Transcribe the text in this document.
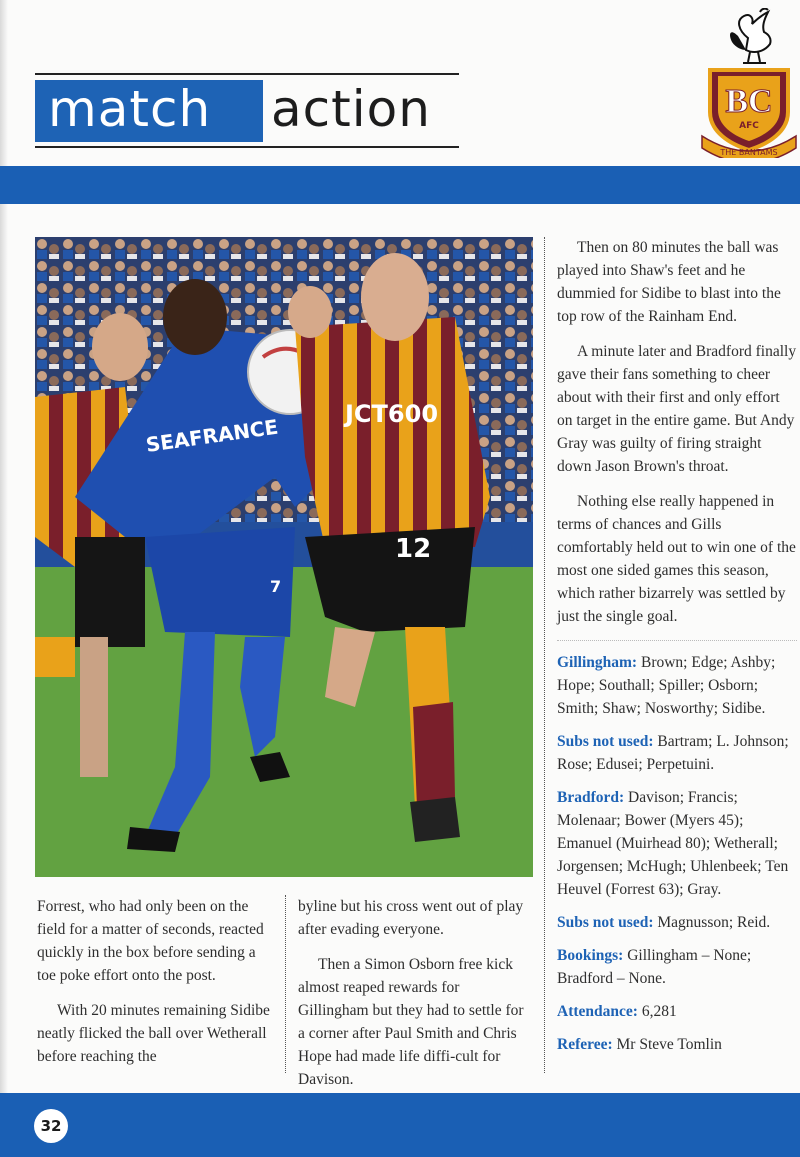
match action	BC
AFC
THE BANTAMS
SEAFRANCE
7
JCT600
12

Then on 80 minutes the ball was played into Shaw's feet and he dummied for Sidibe to blast into the top row of the Rainham End.

A minute later and Bradford finally gave their fans something to cheer about with their first and only effort on target in the entire game. But Andy Gray was guilty of firing straight down Jason Brown's throat.

Nothing else really happened in terms of chances and Gills comfortably held out to win one of the most one sided games this season, which rather bizarrely was settled by just the single goal.

Gillingham: Brown; Edge; Ashby; Hope; Southall; Spiller; Osborn; Smith; Shaw; Nosworthy; Sidibe.

Subs not used: Bartram; L. Johnson; Rose; Edusei; Perpetuini.

Bradford: Davison; Francis; Molenaar; Bower (Myers 45); Emanuel (Muirhead 80); Wetherall; Jorgensen; McHugh; Uhlenbeek; Ten Heuvel (Forrest 63); Gray.

Subs not used: Magnusson; Reid.

Bookings: Gillingham – None; Bradford – None.

Attendance: 6,281

Referee: Mr Steve Tomlin

Forrest, who had only been on the field for a matter of seconds, reacted quickly in the box before sending a toe poke effort onto the post.

With 20 minutes remaining Sidibe neatly flicked the ball over Wetherall before reaching the

byline but his cross went out of play after evading everyone.

Then a Simon Osborn free kick almost reaped rewards for Gillingham but they had to settle for a corner after Paul Smith and Chris Hope had made life diffi-cult for Davison.

32
